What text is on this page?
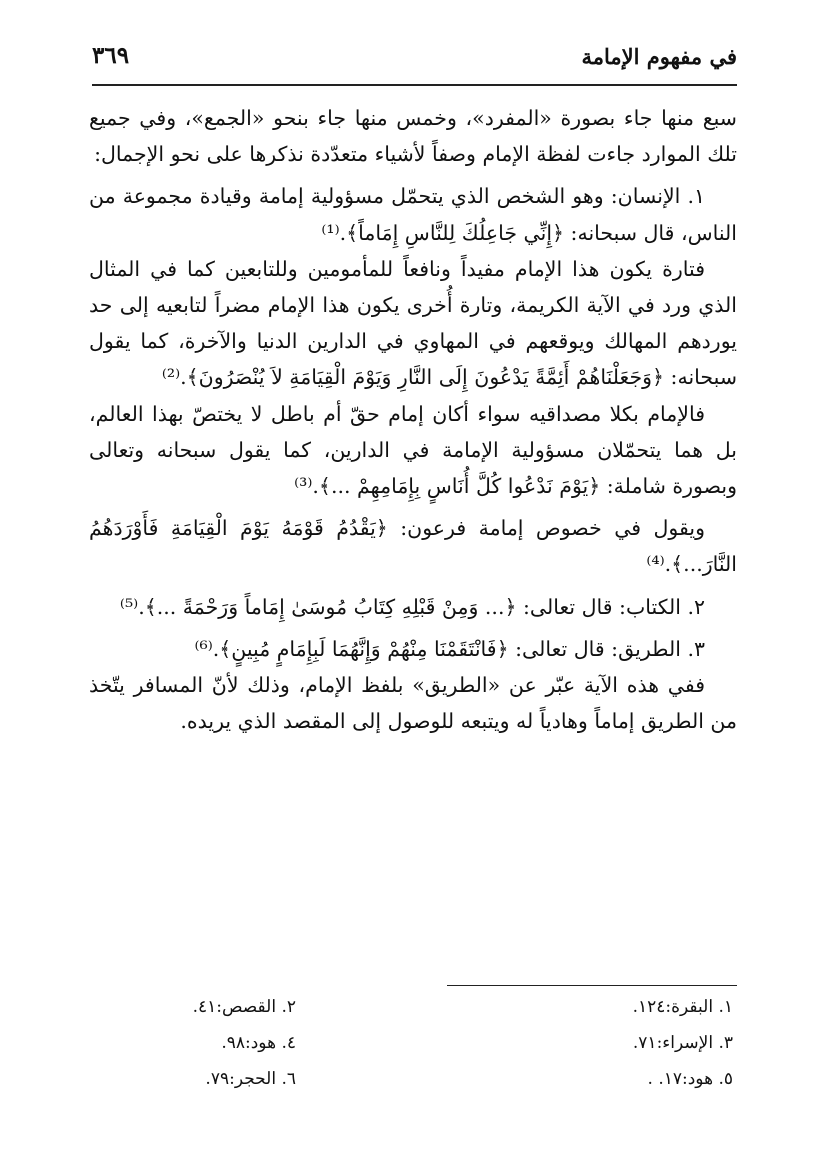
في مفهوم الإمامة
٣٦٩

سبع منها جاء بصورة «المفرد»، وخمس منها جاء بنحو «الجمع»، وفي جميع تلك الموارد جاءت لفظة الإمام وصفاً لأشياء متعدّدة نذكرها على نحو الإجمال:

١. الإنسان: وهو الشخص الذي يتحمّل مسؤولية إمامة وقيادة مجموعة من الناس، قال سبحانه: ﴿إِنِّي جَاعِلُكَ لِلنَّاسِ إِمَاماً﴾.⁽¹⁾

فتارة يكون هذا الإمام مفيداً ونافعاً للمأمومين وللتابعين كما في المثال الذي ورد في الآية الكريمة، وتارة أُخرى يكون هذا الإمام مضراً لتابعيه إلى حد يوردهم المهالك ويوقعهم في المهاوي في الدارين الدنيا والآخرة، كما يقول سبحانه: ﴿وَجَعَلْنَاهُمْ أَئِمَّةً يَدْعُونَ إِلَى النَّارِ وَيَوْمَ الْقِيَامَةِ لاَ يُنْصَرُونَ﴾.⁽²⁾

فالإمام بكلا مصداقيه سواء أكان إمام حقّ أم باطل لا يختصّ بهذا العالم، بل هما يتحمّلان مسؤولية الإمامة في الدارين، كما يقول سبحانه وتعالى وبصورة شاملة: ﴿يَوْمَ نَدْعُوا كُلَّ أُنَاسٍ بِإِمَامِهِمْ ...﴾.⁽³⁾

ويقول في خصوص إمامة فرعون: ﴿يَقْدُمُ قَوْمَهُ يَوْمَ الْقِيَامَةِ فَأَوْرَدَهُمُ النَّارَ...﴾.⁽⁴⁾

٢. الكتاب: قال تعالى: ﴿... وَمِنْ قَبْلِهِ كِتَابُ مُوسَىٰ إِمَاماً وَرَحْمَةً ...﴾.⁽⁵⁾

٣. الطريق: قال تعالى: ﴿فَانْتَقَمْنَا مِنْهُمْ وَإِنَّهُمَا لَبِإِمَامٍ مُبِينٍ﴾.⁽⁶⁾

ففي هذه الآية عبّر عن «الطريق» بلفظ الإمام، وذلك لأنّ المسافر يتّخذ من الطريق إماماً وهادياً له ويتبعه للوصول إلى المقصد الذي يريده.

١. البقرة:١٢٤.
٢. القصص:٤١.
٣. الإسراء:٧١.
٤. هود:٩٨.
٥. هود:١٧. .
٦. الحجر:٧٩.
